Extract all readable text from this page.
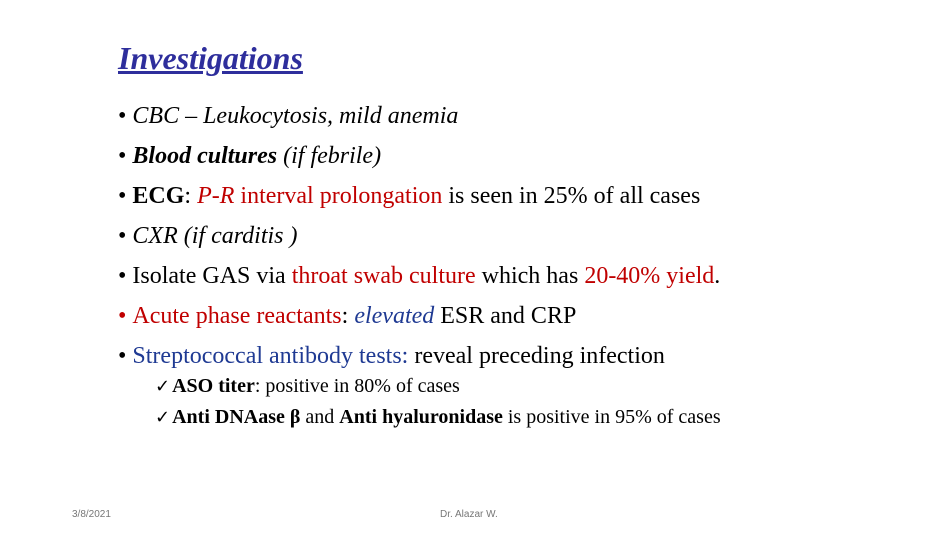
Investigations
• CBC – Leukocytosis, mild anemia
• Blood cultures (if febrile)
• ECG: P-R interval prolongation is seen in 25% of all cases
• CXR (if carditis )
• Isolate GAS via throat swab culture which has 20-40% yield.
• Acute phase reactants: elevated ESR and CRP
• Streptococcal antibody tests: reveal preceding infection
✓ ASO titer: positive in 80% of cases
✓ Anti DNAase β and Anti hyaluronidase is positive in 95% of cases
3/8/2021	Dr. Alazar W.
